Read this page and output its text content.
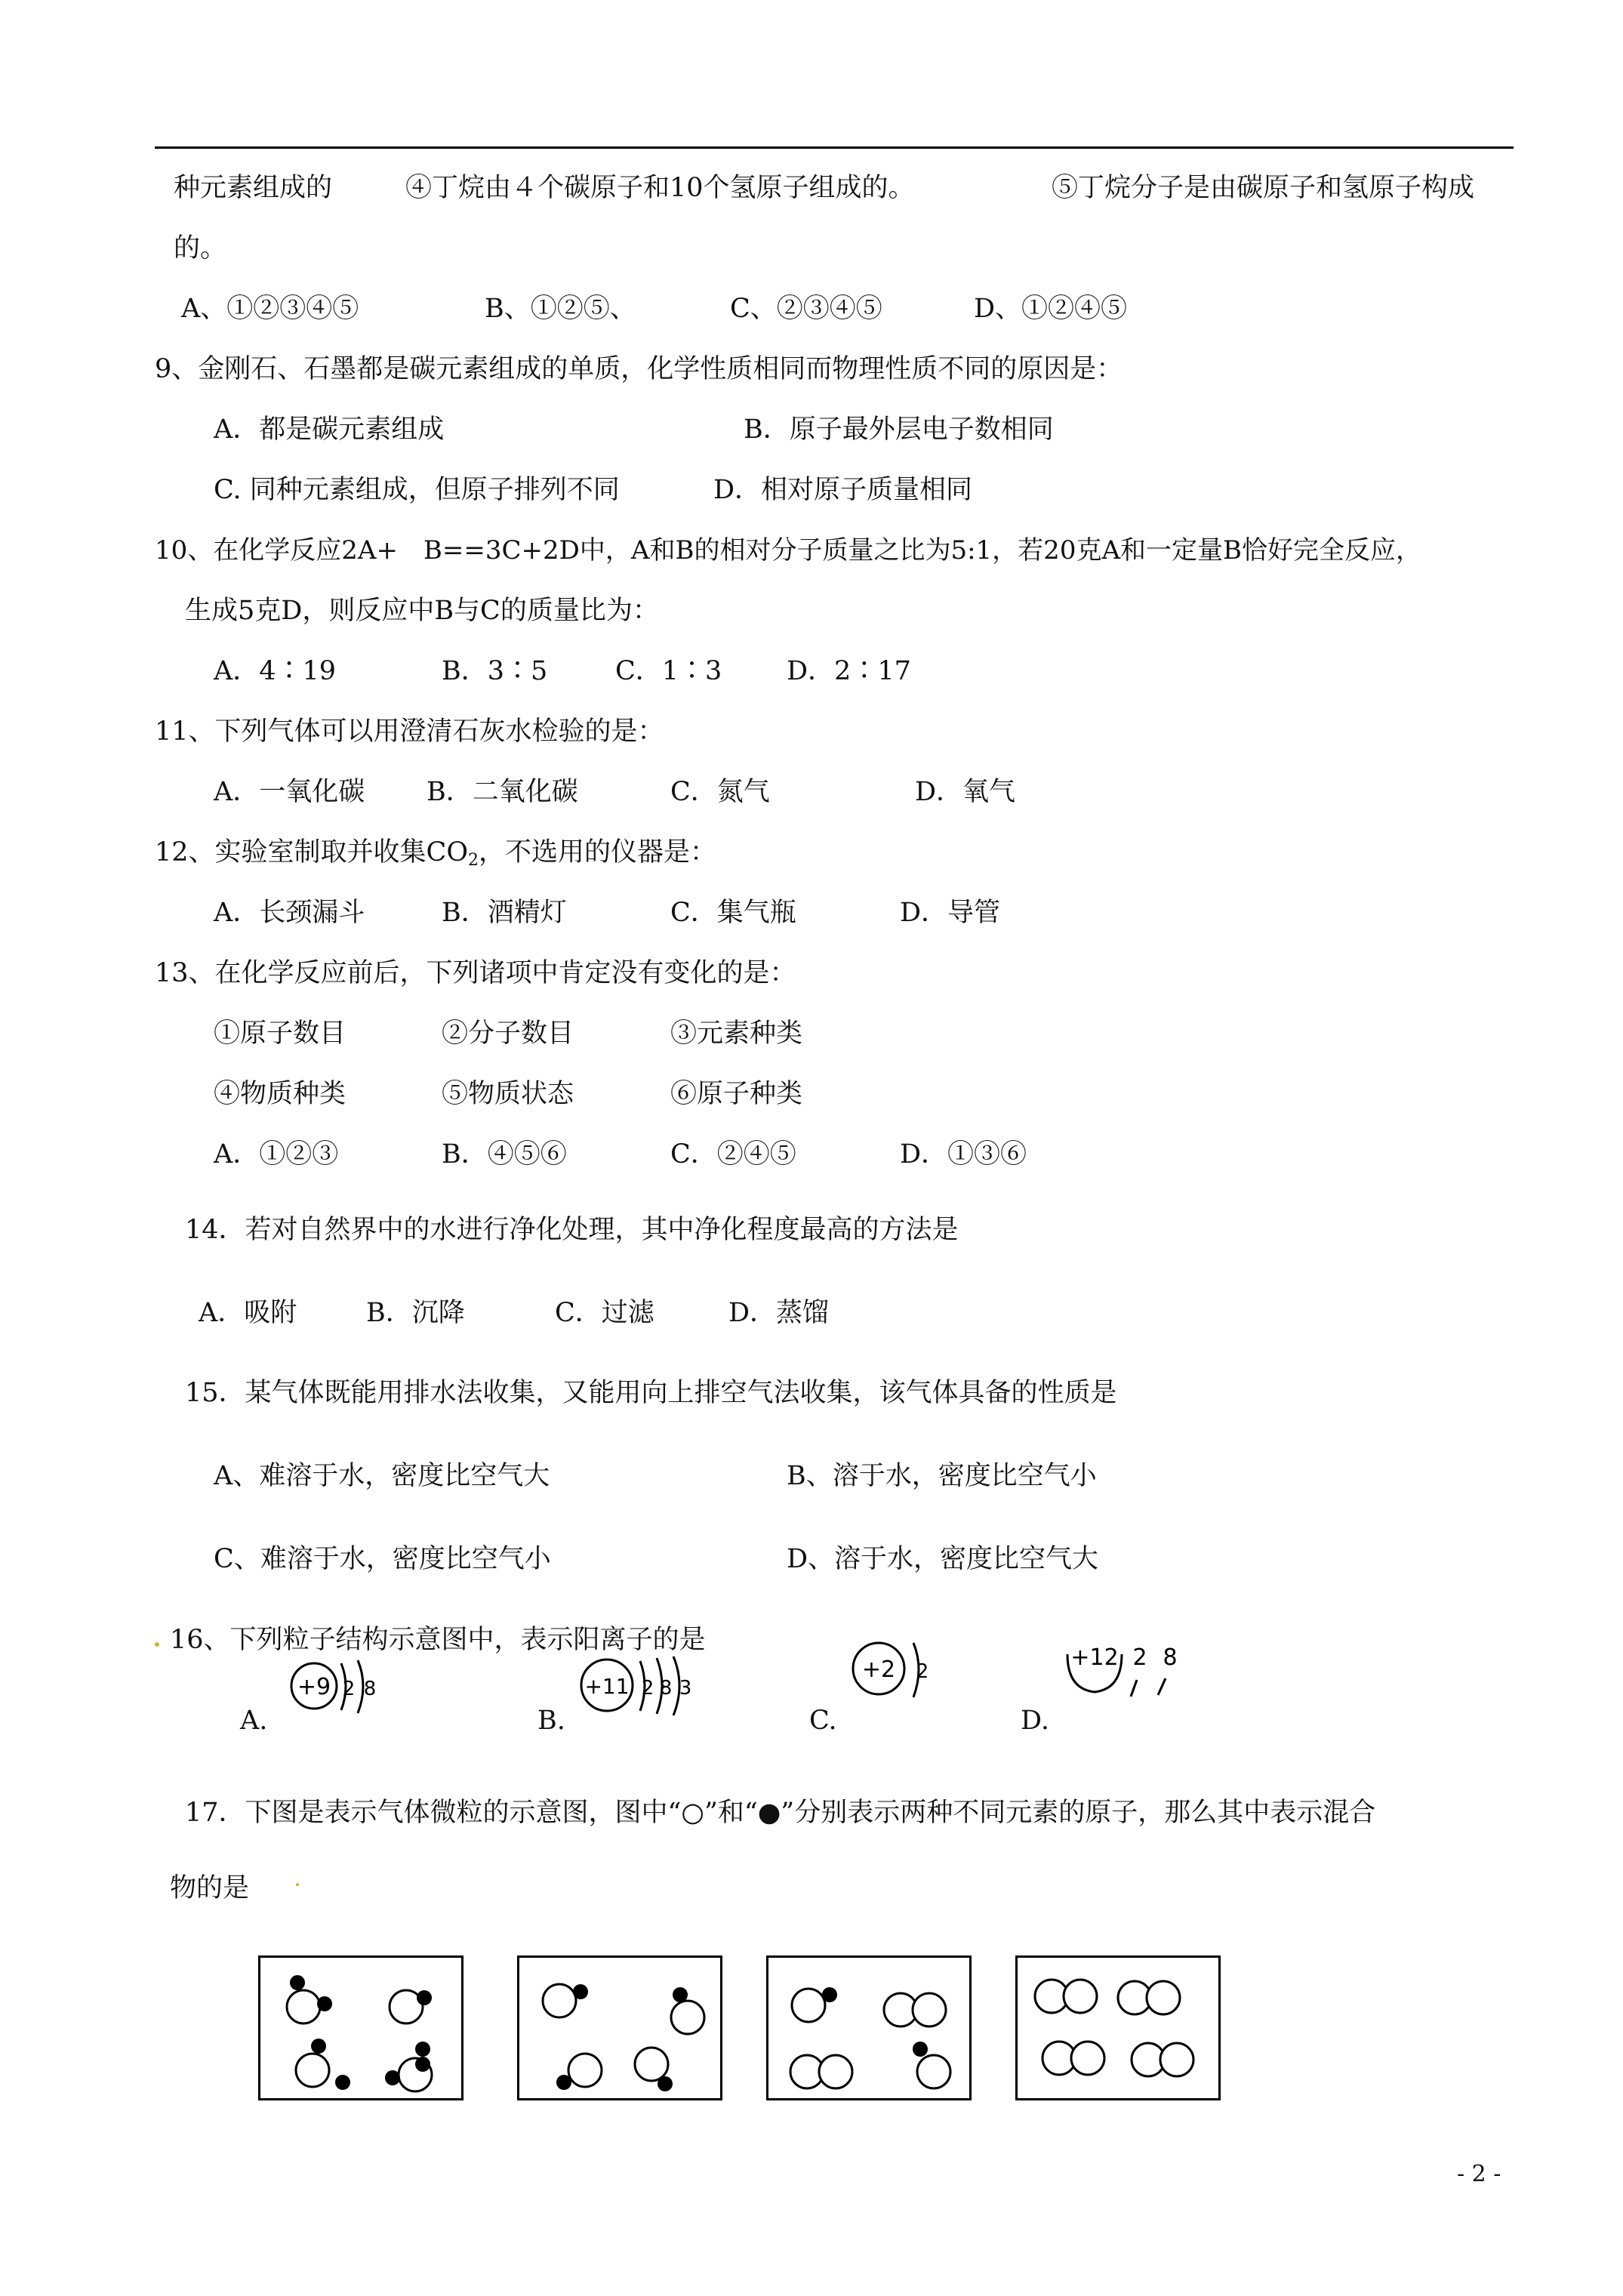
种元素组成的	④丁烷由４个碳原子和10个氢原子组成的。	⑤丁烷分子是由碳原子和氢原子构成
的。
A、①②③④⑤	B、①②⑤、	C、②③④⑤	D、①②④⑤
9、金刚石、石墨都是碳元素组成的单质，化学性质相同而物理性质不同的原因是：
A．都是碳元素组成	B．原子最外层电子数相同
C. 同种元素组成，但原子排列不同	D．相对原子质量相同
10、在化学反应2A+　B==3C+2D中，A和B的相对分子质量之比为5:1，若20克A和一定量B恰好完全反应，
生成5克D，则反应中B与C的质量比为：
A．4∶19	B．3∶5	C．1∶3 D．2∶17
11、下列气体可以用澄清石灰水检验的是：
A．一氧化碳 B．二氧化碳	C．氮气	D．氧气
12、实验室制取并收集$CO_2$，不选用的仪器是：
A．长颈漏斗	B．酒精灯	C．集气瓶	D．导管
13、在化学反应前后，下列诸项中肯定没有变化的是：
①原子数目	②分子数目	③元素种类
④物质种类	⑤物质状态	⑥原子种类
A．①②③	B．④⑤⑥	C．②④⑤	D．①③⑥
14．若对自然界中的水进行净化处理，其中净化程度最高的方法是
A．吸附	B．沉降	C．过滤	D．蒸馏
15．某气体既能用排水法收集，又能用向上排空气法收集，该气体具备的性质是
A、难溶于水，密度比空气大	B、溶于水，密度比空气小
C、难溶于水，密度比空气小	D、溶于水，密度比空气大
16、下列粒子结构示意图中，表示阳离子的是
A.	B.	C.	D.
+9 2 8	+11 2 8 3
+2 2
+12 2 8
17．下图是表示气体微粒的示意图，图中“○”和“●”分别表示两种不同元素的原子，那么其中表示混合
物的是
- 2 -
